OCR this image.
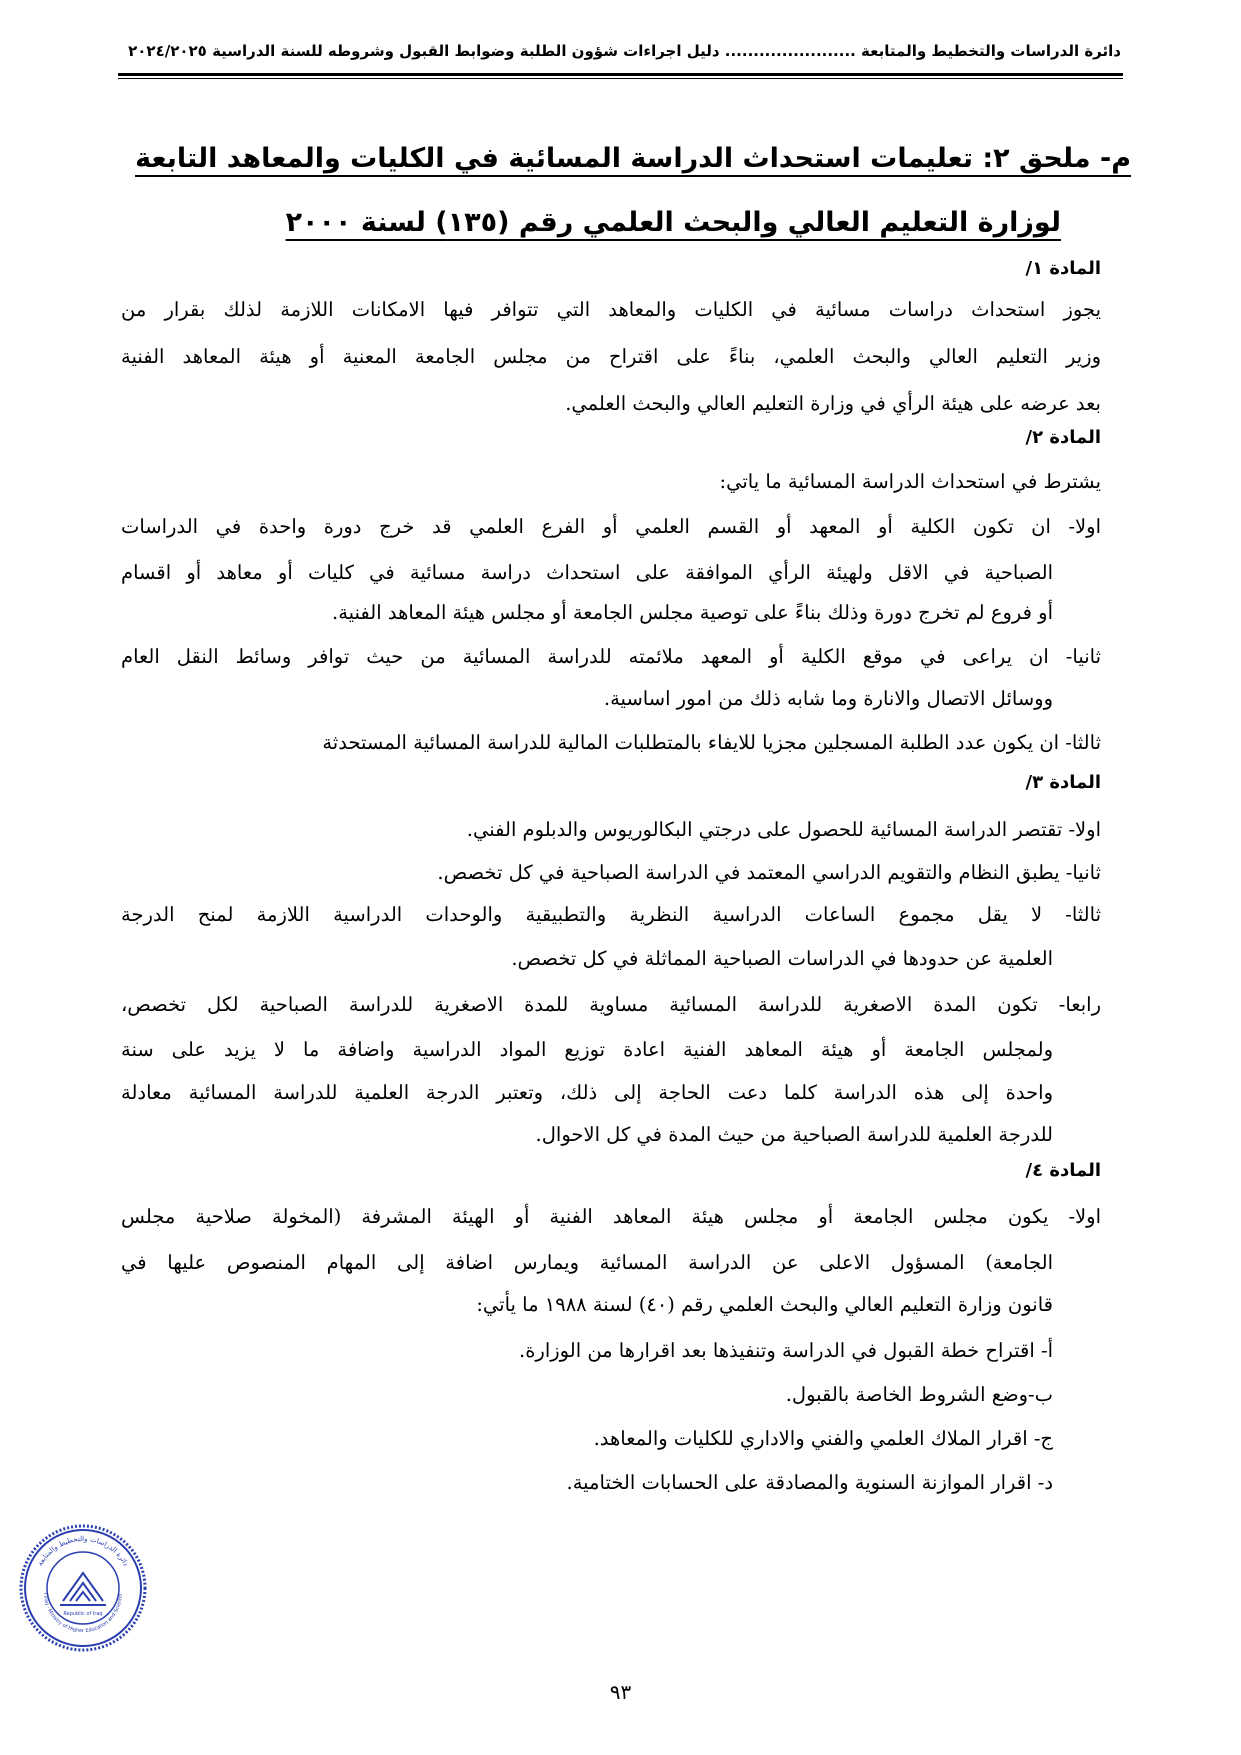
دائرة الدراسات والتخطيط والمتابعة ....................... دليل اجراءات شؤون الطلبة وضوابط القبول وشروطه للسنة الدراسية ٢٠٢٤/٢٠٢٥
م- ملحق ٢: تعليمات استحداث الدراسة المسائية في الكليات والمعاهد التابعة
لوزارة التعليم العالي والبحث العلمي رقم (١٣٥) لسنة ٢٠٠٠
المادة ١/
يجوز استحداث دراسات مسائية في الكليات والمعاهد التي تتوافر فيها الامكانات اللازمة لذلك بقرار من
وزير التعليم العالي والبحث العلمي، بناءً على اقتراح من مجلس الجامعة المعنية أو هيئة المعاهد الفنية
بعد عرضه على هيئة الرأي في وزارة التعليم العالي والبحث العلمي.
المادة ٢/
يشترط في استحداث الدراسة المسائية ما ياتي:
اولا- ان تكون الكلية أو المعهد أو القسم العلمي أو الفرع العلمي قد خرج دورة واحدة في الدراسات
الصباحية في الاقل ولهيئة الرأي الموافقة على استحداث دراسة مسائية في كليات أو معاهد أو اقسام
أو فروع لم تخرج دورة وذلك بناءً على توصية مجلس الجامعة أو مجلس هيئة المعاهد الفنية.
ثانيا- ان يراعى في موقع الكلية أو المعهد ملائمته للدراسة المسائية من حيث توافر وسائط النقل العام
ووسائل الاتصال والانارة وما شابه ذلك من امور اساسية.
ثالثا- ان يكون عدد الطلبة المسجلين مجزيا للايفاء بالمتطلبات المالية للدراسة المسائية المستحدثة
المادة ٣/
اولا- تقتصر الدراسة المسائية للحصول على درجتي البكالوريوس والدبلوم الفني.
ثانيا- يطبق النظام والتقويم الدراسي المعتمد في الدراسة الصباحية في كل تخصص.
ثالثا- لا يقل مجموع الساعات الدراسية النظرية والتطبيقية والوحدات الدراسية اللازمة لمنح الدرجة
العلمية عن حدودها في الدراسات الصباحية المماثلة في كل تخصص.
رابعا- تكون المدة الاصغرية للدراسة المسائية مساوية للمدة الاصغرية للدراسة الصباحية لكل تخصص،
ولمجلس الجامعة أو هيئة المعاهد الفنية اعادة توزيع المواد الدراسية واضافة ما لا يزيد على سنة
واحدة إلى هذه الدراسة كلما دعت الحاجة إلى ذلك، وتعتبر الدرجة العلمية للدراسة المسائية معادلة
للدرجة العلمية للدراسة الصباحية من حيث المدة في كل الاحوال.
المادة ٤/
اولا- يكون مجلس الجامعة أو مجلس هيئة المعاهد الفنية أو الهيئة المشرفة (المخولة صلاحية مجلس
الجامعة) المسؤول الاعلى عن الدراسة المسائية ويمارس اضافة إلى المهام المنصوص عليها في
قانون وزارة التعليم العالي والبحث العلمي رقم (٤٠) لسنة ١٩٨٨ ما يأتي:
أ- اقتراح خطة القبول في الدراسة وتنفيذها بعد اقرارها من الوزارة.
ب-وضع الشروط الخاصة بالقبول.
ج- اقرار الملاك العلمي والفني والاداري للكليات والمعاهد.
د- اقرار الموازنة السنوية والمصادقة على الحسابات الختامية.
دائرة الدراسات والتخطيط والمتابعة
f Iraq - Ministry of Higher Education and Scientifi
Republic of Iraq
٩٣
